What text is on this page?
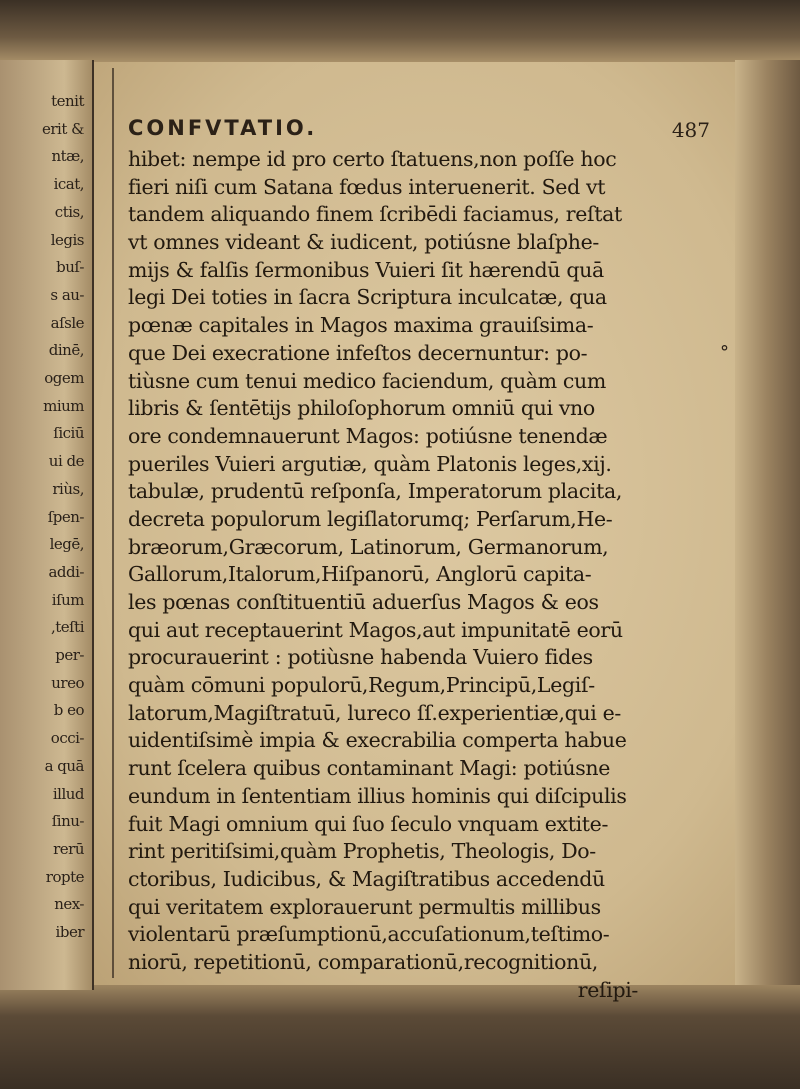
tenit
erit &
ntæ,
icat,
ctis,
legis
buſ-
s au-
aſsle
dinē,
ogem
mium
ſiciū
ui de
riùs,
ſpen-
legē,
addi-
iſum
,teſti
per-
ureo
b eo
occi-
a quā
illud
ſinu-
rerū
ropte
nex-
iber
CONFVTATIO.	487
hibet: nempe id pro certo ſtatuens,non poſſe hoc
fieri niſi cum Satana fœdus interuenerit. Sed vt
tandem aliquando finem ſcribēdi faciamus, reſtat
vt omnes videant & iudicent, potiúsne blaſphe-
mijs & falſis ſermonibus Vuieri ſit hærendū quā
legi Dei toties in ſacra Scriptura inculcatæ, qua
pœnæ capitales in Magos maxima grauiſsima-
que Dei execratione infeſtos decernuntur: po-
tiùsne cum tenui medico faciendum, quàm cum
libris & ſentētijs philoſophorum omniū qui vno
ore condemnauerunt Magos: potiúsne tenendæ
pueriles Vuieri argutiæ, quàm Platonis leges,xij.
tabulæ, prudentū reſponſa, Imperatorum placita,
decreta populorum legiſlatorumq; Perſarum,He-
bræorum,Græcorum, Latinorum, Germanorum,
Gallorum,Italorum,Hiſpanorū, Anglorū capita-
les pœnas conſtituentiū aduerſus Magos & eos
qui aut receptauerint Magos,aut impunitatē eorū
procurauerint : potiùsne habenda Vuiero fides
quàm cōmuni populorū,Regum,Principū,Legiſ-
latorum,Magiſtratuū, lureco ſſ.experientiæ,qui e-
uidentiſsimè impia & execrabilia comperta habue
runt ſcelera quibus contaminant Magi: potiúsne
eundum in ſententiam illius hominis qui diſcipulis
fuit Magi omnium qui ſuo ſeculo vnquam extite-
rint peritiſsimi,quàm Prophetis, Theologis, Do-
ctoribus, Iudicibus, & Magiſtratibus accedendū
qui veritatem explorauerunt permultis millibus
violentarū præſumptionū,accuſationum,teſtimo-
niorū, repetitionū, comparationū,recognitionū,
reſipi-
°
